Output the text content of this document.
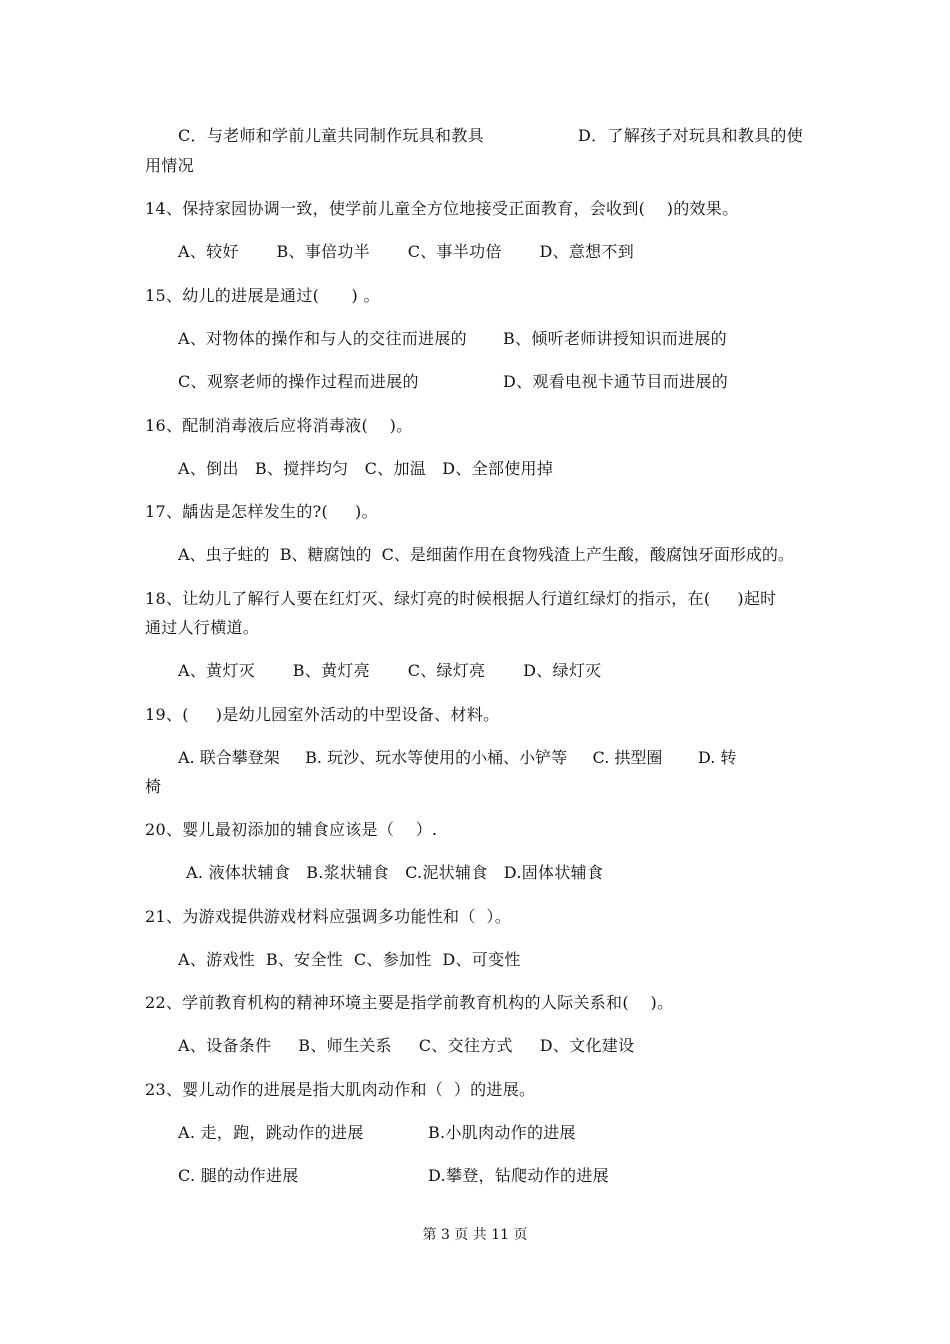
C．与老师和学前儿童共同制作玩具和教具	D．了解孩子对玩具和教具的使
用情况
14、保持家园协调一致，使学前儿童全方位地接受正面教育，会收到(    )的效果。
A、较好       B、事倍功半       C、事半功倍       D、意想不到
15、幼儿的进展是通过(      ) 。
A、对物体的操作和与人的交往而进展的 B、倾听老师讲授知识而进展的
C、观察老师的操作过程而进展的	D、观看电视卡通节目而进展的
16、配制消毒液后应将消毒液(    )。
A、倒出   B、搅拌均匀   C、加温   D、全部使用掉
17、龋齿是怎样发生的?(     )。
A、虫子蛀的  B、糖腐蚀的  C、是细菌作用在食物残渣上产生酸，酸腐蚀牙面形成的。
18、让幼儿了解行人要在红灯灭、绿灯亮的时候根据人行道红绿灯的指示，在(     )起时
通过人行横道。
A、黄灯灭       B、黄灯亮       C、绿灯亮       D、绿灯灭
19、(     )是幼儿园室外活动的中型设备、材料。
A. 联合攀登架     B. 玩沙、玩水等使用的小桶、小铲等     C. 拱型圈       D. 转
椅
20、婴儿最初添加的辅食应该是（    ）.
A. 液体状辅食   B.浆状辅食   C.泥状辅食   D.固体状辅食
21、为游戏提供游戏材料应强调多功能性和（  ）。
A、游戏性  B、安全性  C、参加性  D、可变性
22、学前教育机构的精神环境主要是指学前教育机构的人际关系和(    )。
A、设备条件     B、师生关系     C、交往方式     D、文化建设
23、婴儿动作的进展是指大肌肉动作和（  ）的进展。
A. 走，跑，跳动作的进展	B.小肌肉动作的进展
C. 腿的动作进展	D.攀登，钻爬动作的进展
第 3 页 共 11 页
